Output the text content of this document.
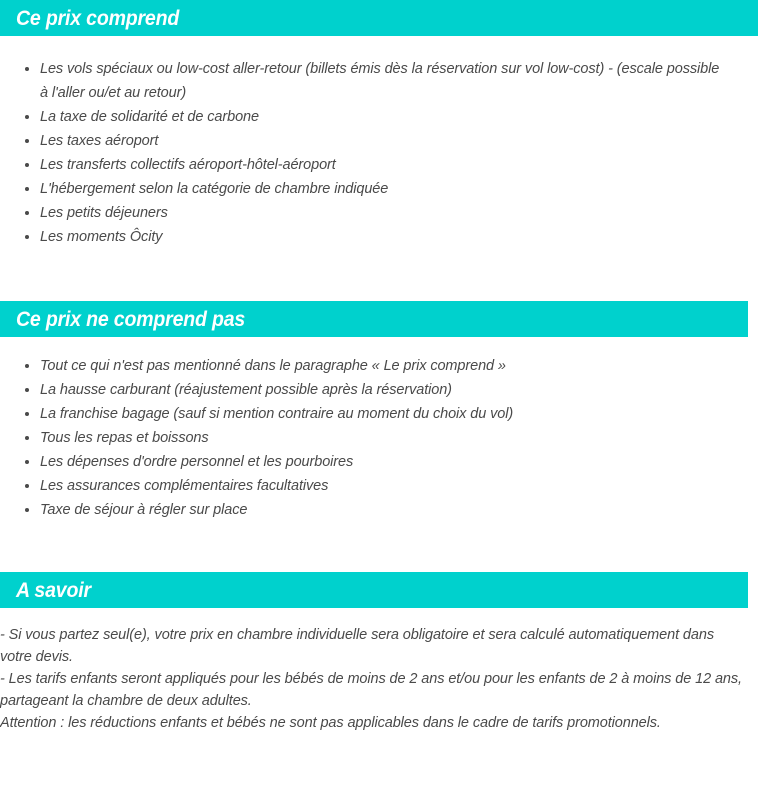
Ce prix comprend
Les vols spéciaux ou low-cost aller-retour (billets émis dès la réservation sur vol low-cost) - (escale possible à l'aller ou/et au retour)
La taxe de solidarité et de carbone
Les taxes aéroport
Les transferts collectifs aéroport-hôtel-aéroport
L'hébergement selon la catégorie de chambre indiquée
Les petits déjeuners
Les moments Ôcity
Ce prix ne comprend pas
Tout ce qui n'est pas mentionné dans le paragraphe « Le prix comprend »
La hausse carburant (réajustement possible après la réservation)
La franchise bagage (sauf si mention contraire au moment du choix du vol)
Tous les repas et boissons
Les dépenses d'ordre personnel et les pourboires
Les assurances complémentaires facultatives
Taxe de séjour à régler sur place
A savoir

- Si vous partez seul(e), votre prix en chambre individuelle sera obligatoire et sera calculé automatiquement dans votre devis.

- Les tarifs enfants seront appliqués pour les bébés de moins de 2 ans et/ou pour les enfants de 2 à moins de 12 ans, partageant la chambre de deux adultes.

Attention : les réductions enfants et bébés ne sont pas applicables dans le cadre de tarifs promotionnels.
